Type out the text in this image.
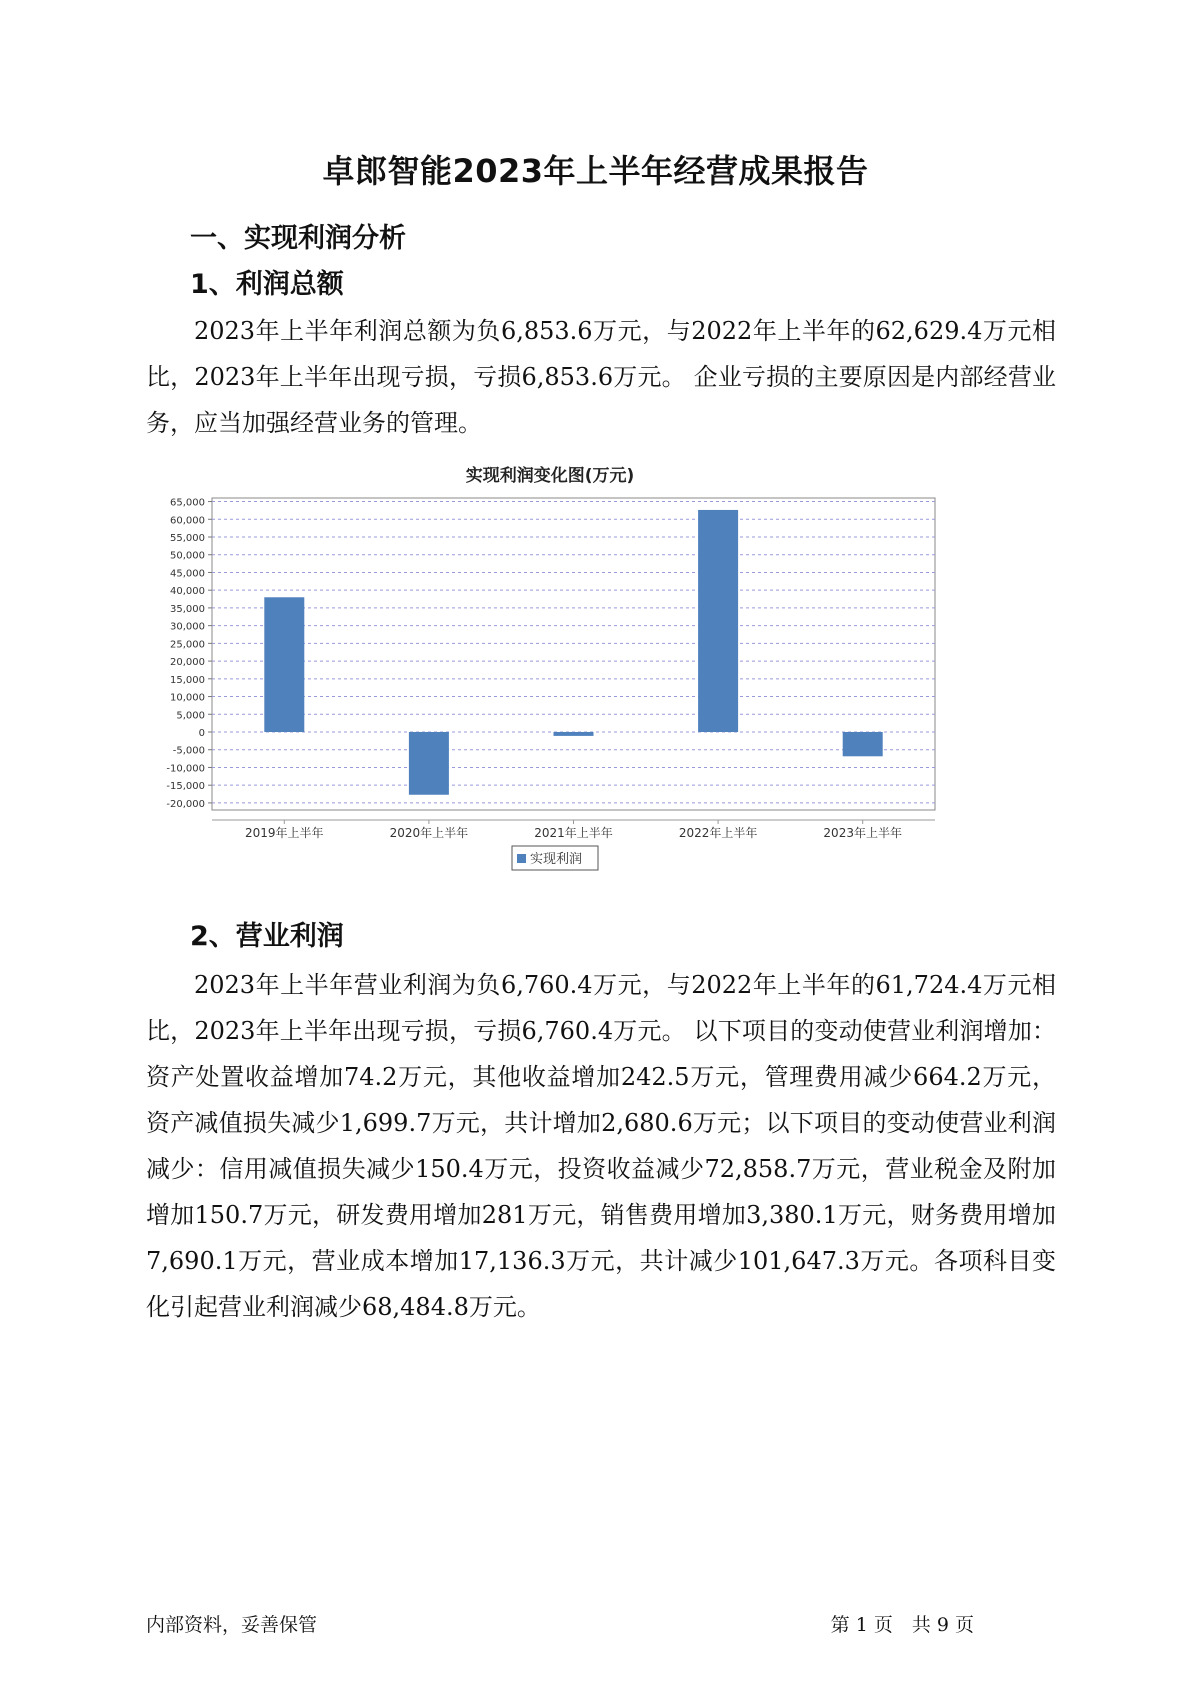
卓郎智能2023年上半年经营成果报告
一、实现利润分析
1、利润总额

2023年上半年利润总额为负6,853.6万元，与2022年上半年的62,629.4万元相比，2023年上半年出现亏损，亏损6,853.6万元。 企业亏损的主要原因是内部经营业务，应当加强经营业务的管理。

实现利润变化图(万元)
65,000
60,000
55,000
50,000
45,000
40,000
35,000
30,000
25,000
20,000
15,000
10,000
5,000
0
-5,000
-10,000
-15,000
-20,000
2019年上半年	2020年上半年	2021年上半年	2022年上半年	2023年上半年
实现利润
2、营业利润

2023年上半年营业利润为负6,760.4万元，与2022年上半年的61,724.4万元相比，2023年上半年出现亏损，亏损6,760.4万元。 以下项目的变动使营业利润增加：资产处置收益增加74.2万元，其他收益增加242.5万元，管理费用减少664.2万元，资产减值损失减少1,699.7万元，共计增加2,680.6万元；以下项目的变动使营业利润减少：信用减值损失减少150.4万元，投资收益减少72,858.7万元，营业税金及附加增加150.7万元，研发费用增加281万元，销售费用增加3,380.1万元，财务费用增加7,690.1万元，营业成本增加17,136.3万元，共计减少101,647.3万元。各项科目变化引起营业利润减少68,484.8万元。

内部资料，妥善保管	第 1 页　共 9 页
